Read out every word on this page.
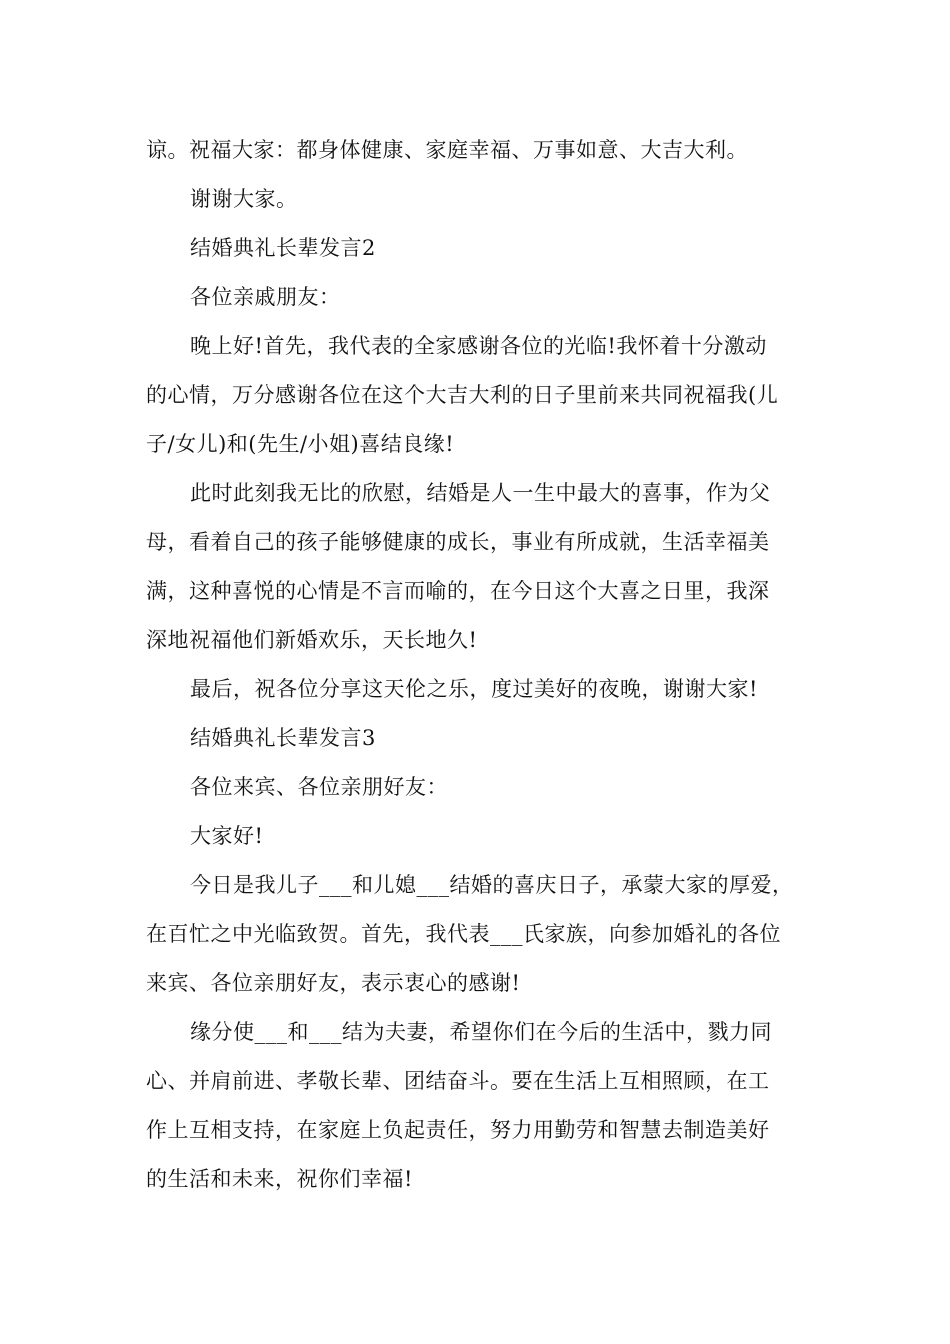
谅。祝福大家：都身体健康、家庭幸福、万事如意、大吉大利。
谢谢大家。
结婚典礼长辈发言2
各位亲戚朋友：
晚上好!首先，我代表的全家感谢各位的光临!我怀着十分激动
的心情，万分感谢各位在这个大吉大利的日子里前来共同祝福我(儿
子/女儿)和(先生/小姐)喜结良缘!
此时此刻我无比的欣慰，结婚是人一生中最大的喜事，作为父
母，看着自己的孩子能够健康的成长，事业有所成就，生活幸福美
满，这种喜悦的心情是不言而喻的，在今日这个大喜之日里，我深
深地祝福他们新婚欢乐，天长地久!
最后，祝各位分享这天伦之乐，度过美好的夜晚，谢谢大家!
结婚典礼长辈发言3
各位来宾、各位亲朋好友：
大家好!
今日是我儿子___和儿媳___结婚的喜庆日子，承蒙大家的厚爱，
在百忙之中光临致贺。首先，我代表___氏家族，向参加婚礼的各位
来宾、各位亲朋好友，表示衷心的感谢!
缘分使___和___结为夫妻，希望你们在今后的生活中，戮力同
心、并肩前进、孝敬长辈、团结奋斗。要在生活上互相照顾，在工
作上互相支持，在家庭上负起责任，努力用勤劳和智慧去制造美好
的生活和未来，祝你们幸福!
